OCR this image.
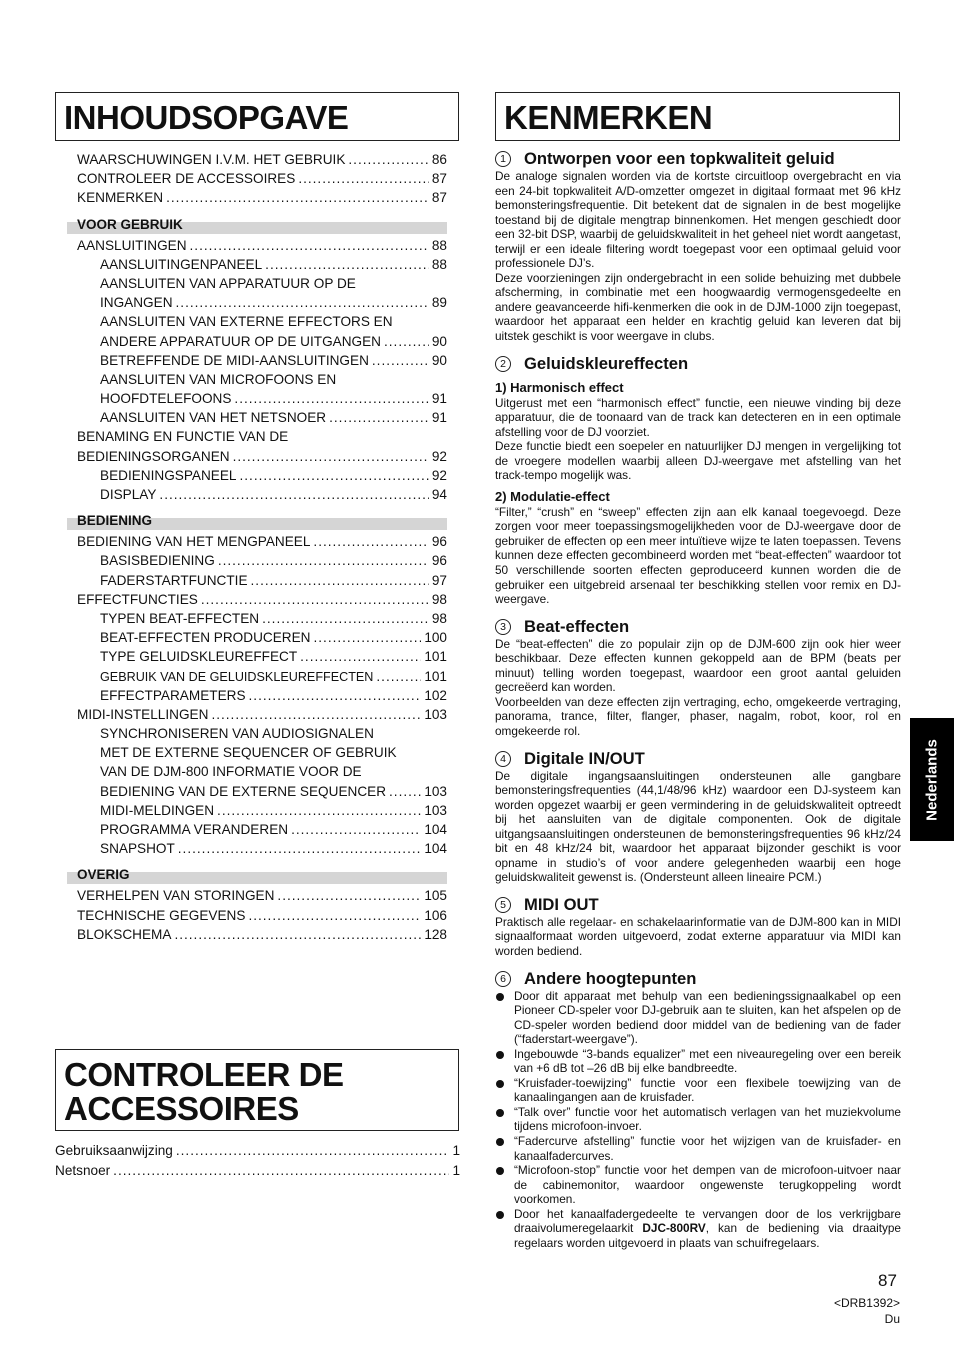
INHOUDSOPGAVE
WAARSCHUWINGEN I.V.M. HET GEBRUIK .....	86
CONTROLEER DE ACCESSOIRES .....	87
KENMERKEN .....	87
VOOR GEBRUIK
AANSLUITINGEN .....	88
AANSLUITINGENPANEEL .....	88
AANSLUITEN VAN APPARATUUR OP DE
INGANGEN .....	89
AANSLUITEN VAN EXTERNE EFFECTORS EN
ANDERE APPARATUUR OP DE UITGANGEN .....	90
BETREFFENDE DE MIDI-AANSLUITINGEN .....	90
AANSLUITEN VAN MICROFOONS EN
HOOFDTELEFOONS .....	91
AANSLUITEN VAN HET NETSNOER .....	91
BENAMING EN FUNCTIE VAN DE
BEDIENINGSORGANEN .....	92
BEDIENINGSPANEEL .....	92
DISPLAY .....	94
BEDIENING
BEDIENING VAN HET MENGPANEEL .....	96
BASISBEDIENING .....	96
FADERSTARTFUNCTIE .....	97
EFFECTFUNCTIES .....	98
TYPEN BEAT-EFFECTEN .....	98
BEAT-EFFECTEN PRODUCEREN .....	100
TYPE GELUIDSKLEUREFFECT .....	101
GEBRUIK VAN DE GELUIDSKLEUREFFECTEN .....	101
EFFECTPARAMETERS .....	102
MIDI-INSTELLINGEN .....	103
SYNCHRONISEREN VAN AUDIOSIGNALEN
MET DE EXTERNE SEQUENCER OF GEBRUIK
VAN DE DJM-800 INFORMATIE VOOR DE
BEDIENING VAN DE EXTERNE SEQUENCER .....	103
MIDI-MELDINGEN .....	103
PROGRAMMA VERANDEREN .....	104
SNAPSHOT .....	104
OVERIG
VERHELPEN VAN STORINGEN .....	105
TECHNISCHE GEGEVENS .....	106
BLOKSCHEMA .....	128
CONTROLEER DE
ACCESSOIRES
Gebruiksaanwijzing .....	1
Netsnoer .....	1
KENMERKEN
1	Ontworpen voor een topkwaliteit geluid

De analoge signalen worden via de kortste circuitloop overgebracht en via een 24-bit topkwaliteit A/D-omzetter omgezet in digitaal formaat met 96 kHz bemonsteringsfrequentie. Dit betekent dat de signalen in de best mogelijke toestand bij de digitale mengtrap binnenkomen. Het mengen geschiedt door een 32-bit DSP, waarbij de geluidskwaliteit in het geheel niet wordt aangetast, terwijl er een ideale filtering wordt toegepast voor een optimaal geluid voor professionele DJ’s.

Deze voorzieningen zijn ondergebracht in een solide behuizing met dubbele afscherming, in combinatie met een hoogwaardig vermogensgedeelte en andere geavanceerde hifi-kenmerken die ook in de DJM-1000 zijn toegepast, waardoor het apparaat een helder en krachtig geluid kan leveren dat bij uitstek geschikt is voor weergave in clubs.

2	Geluidskleureffecten
1) Harmonisch effect

Uitgerust met een “harmonisch effect” functie, een nieuwe vinding bij deze apparatuur, die de toonaard van de track kan detecteren en in een optimale afstelling voor de DJ voorziet.

Deze functie biedt een soepeler en natuurlijker DJ mengen in vergelijking tot de vroegere modellen waarbij alleen DJ-weergave met afstelling van het track-tempo mogelijk was.

2) Modulatie-effect

“Filter,” “crush” en “sweep” effecten zijn aan elk kanaal toegevoegd. Deze zorgen voor meer toepassingsmogelijkheden voor de DJ-weergave door de gebruiker de effecten op een meer intuïtieve wijze te laten toepassen. Tevens kunnen deze effecten gecombineerd worden met “beat-effecten” waardoor tot 50 verschillende soorten effecten geproduceerd kunnen worden die de gebruiker een uitgebreid arsenaal ter beschikking stellen voor remix en DJ-weergave.

3	Beat-effecten

De “beat-effecten” die zo populair zijn op de DJM-600 zijn ook hier weer beschikbaar. Deze effecten kunnen gekoppeld aan de BPM (beats per minuut) telling worden toegepast, waardoor een groot aantal geluiden gecreëerd kan worden.

Voorbeelden van deze effecten zijn vertraging, echo, omgekeerde vertraging, panorama, trance, filter, flanger, phaser, nagalm, robot, koor, rol en omgekeerde rol.

4	Digitale IN/OUT

De digitale ingangsaansluitingen ondersteunen alle gangbare bemonsteringsfrequenties (44,1/48/96 kHz) waardoor een DJ-systeem kan worden opgezet waarbij er geen vermindering in de geluidskwaliteit optreedt bij het aansluiten van de digitale componenten. Ook de digitale uitgangsaansluitingen ondersteunen de bemonsteringsfrequenties 96 kHz/24 bit en 48 kHz/24 bit, waardoor het apparaat bijzonder geschikt is voor opname in studio’s of voor andere gelegenheden waarbij een hoge geluidskwaliteit gewenst is. (Ondersteunt alleen lineaire PCM.)

5	MIDI OUT

Praktisch alle regelaar- en schakelaarinformatie van de DJM-800 kan in MIDI signaalformaat worden uitgevoerd, zodat externe apparatuur via MIDI kan worden bediend.

6	Andere hoogtepunten
Door dit apparaat met behulp van een bedieningssignaalkabel op een Pioneer CD-speler voor DJ-gebruik aan te sluiten, kan het afspelen op de CD-speler worden bediend door middel van de bediening van de fader (“faderstart-weergave”).
Ingebouwde “3-bands equalizer” met een niveauregeling over een bereik van +6 dB tot –26 dB bij elke bandbreedte.
“Kruisfader-toewijzing” functie voor een flexibele toewijzing van de kanaalingangen aan de kruisfader.
“Talk over” functie voor het automatisch verlagen van het muziekvolume tijdens microfoon-invoer.
“Fadercurve afstelling” functie voor het wijzigen van de kruisfader- en kanaalfadercurves.
“Microfoon-stop” functie voor het dempen van de microfoon-uitvoer naar de cabinemonitor, waardoor ongewenste terugkoppeling wordt voorkomen.
Door het kanaalfadergedeelte te vervangen door de los verkrijgbare draaivolumeregelaarkit DJC-800RV, kan de bediening via draaitype regelaars worden uitgevoerd in plaats van schuifregelaars.
Nederlands
87
<DRB1392>
Du
